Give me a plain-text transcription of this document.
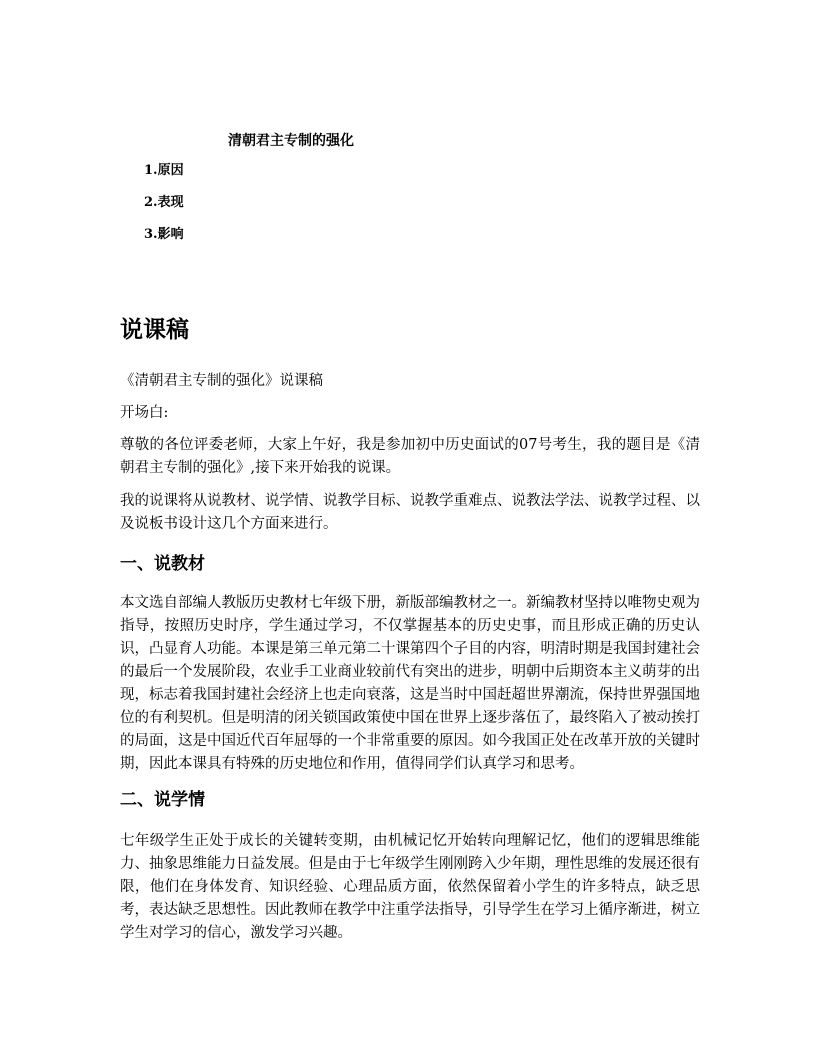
清朝君主专制的强化
1.原因
2.表现
3.影响
说课稿

《清朝君主专制的强化》说课稿

开场白:

尊敬的各位评委老师，大家上午好，我是参加初中历史面试的07号考生，我的题目是《清朝君主专制的强化》,接下来开始我的说课。

我的说课将从说教材、说学情、说教学目标、说教学重难点、说教法学法、说教学过程、以及说板书设计这几个方面来进行。

一、说教材

本文选自部编人教版历史教材七年级下册，新版部编教材之一。新编教材坚持以唯物史观为指导，按照历史时序，学生通过学习，不仅掌握基本的历史史事，而且形成正确的历史认识，凸显育人功能。本课是第三单元第二十课第四个子目的内容，明清时期是我国封建社会的最后一个发展阶段，农业手工业商业较前代有突出的进步，明朝中后期资本主义萌芽的出现，标志着我国封建社会经济上也走向衰落，这是当时中国赶超世界潮流，保持世界强国地位的有利契机。但是明清的闭关锁国政策使中国在世界上逐步落伍了，最终陷入了被动挨打的局面，这是中国近代百年屈辱的一个非常重要的原因。如今我国正处在改革开放的关键时期，因此本课具有特殊的历史地位和作用，值得同学们认真学习和思考。

二、说学情

七年级学生正处于成长的关键转变期，由机械记忆开始转向理解记忆，他们的逻辑思维能力、抽象思维能力日益发展。但是由于七年级学生刚刚跨入少年期，理性思维的发展还很有限，他们在身体发育、知识经验、心理品质方面，依然保留着小学生的许多特点，缺乏思考，表达缺乏思想性。因此教师在教学中注重学法指导，引导学生在学习上循序渐进，树立学生对学习的信心，激发学习兴趣。
